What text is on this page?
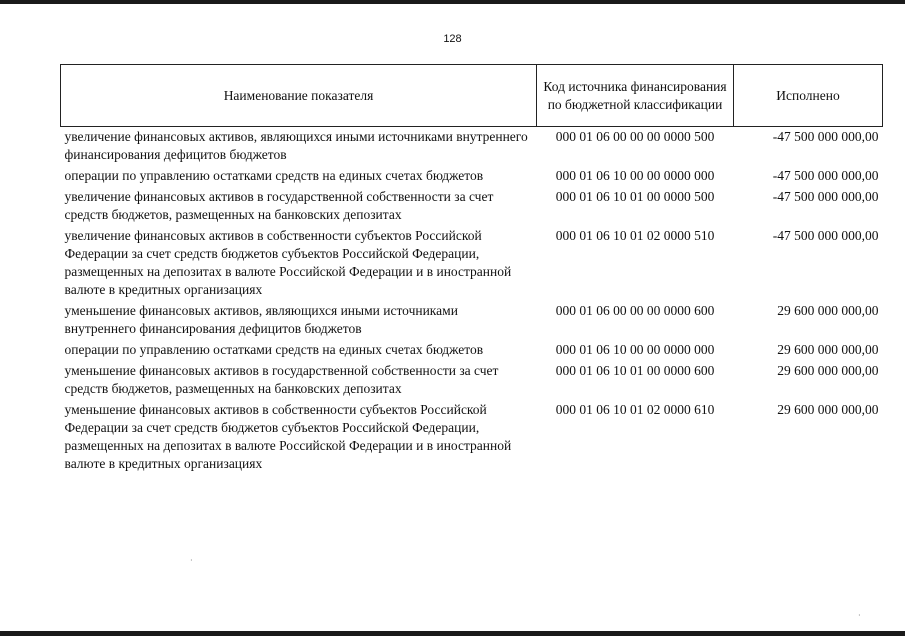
128
Наименование показателя	Код источника финансирования по бюджетной классификации	Исполнено
увеличение финансовых активов, являющихся иными источниками внутреннего финансирования дефицитов бюджетов	000 01 06 00 00 00 0000 500	-47 500 000 000,00
операции по управлению остатками средств на единых счетах бюджетов	000 01 06 10 00 00 0000 000	-47 500 000 000,00
увеличение финансовых активов в государственной собственности за счет средств бюджетов, размещенных на банковских депозитах	000 01 06 10 01 00 0000 500	-47 500 000 000,00
увеличение финансовых активов в собственности субъектов Российской Федерации за счет средств бюджетов субъектов Российской Федерации, размещенных на депозитах в валюте Российской Федерации и в иностранной валюте в кредитных организациях	000 01 06 10 01 02 0000 510	-47 500 000 000,00
уменьшение финансовых активов, являющихся иными источниками внутреннего финансирования дефицитов бюджетов	000 01 06 00 00 00 0000 600	29 600 000 000,00
операции по управлению остатками средств на единых счетах бюджетов	000 01 06 10 00 00 0000 000	29 600 000 000,00
уменьшение финансовых активов в государственной собственности за счет средств бюджетов, размещенных на банковских депозитах	000 01 06 10 01 00 0000 600	29 600 000 000,00
уменьшение финансовых активов в собственности субъектов Российской Федерации за счет средств бюджетов субъектов Российской Федерации, размещенных на депозитах в валюте Российской Федерации и в иностранной валюте в кредитных организациях	000 01 06 10 01 02 0000 610	29 600 000 000,00
·
·
